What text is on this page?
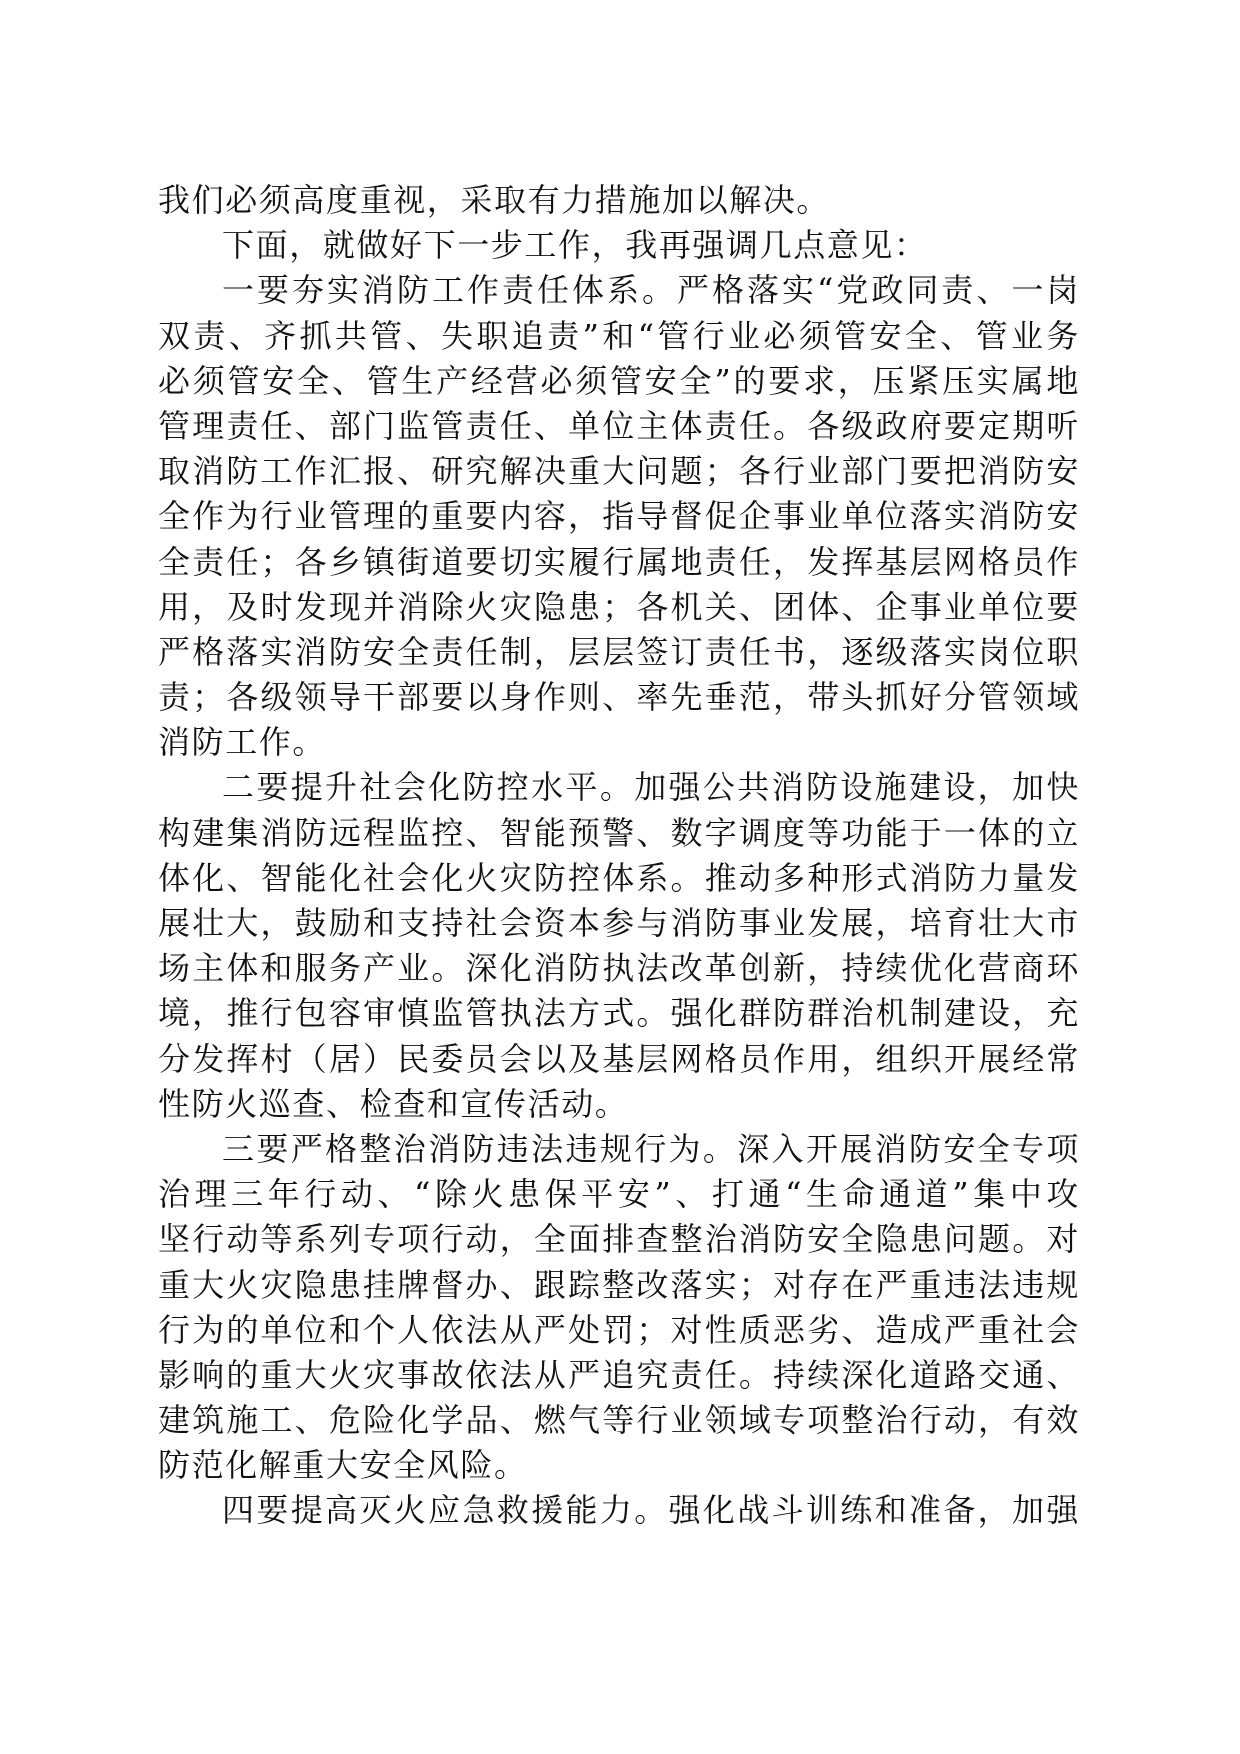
我们必须高度重视，采取有力措施加以解决。
下面，就做好下一步工作，我再强调几点意见：
一要夯实消防工作责任体系。严格落实“党政同责、一岗
双责、齐抓共管、失职追责”和“管行业必须管安全、管业务
必须管安全、管生产经营必须管安全”的要求，压紧压实属地
管理责任、部门监管责任、单位主体责任。各级政府要定期听
取消防工作汇报、研究解决重大问题；各行业部门要把消防安
全作为行业管理的重要内容，指导督促企事业单位落实消防安
全责任；各乡镇街道要切实履行属地责任，发挥基层网格员作
用，及时发现并消除火灾隐患；各机关、团体、企事业单位要
严格落实消防安全责任制，层层签订责任书，逐级落实岗位职
责；各级领导干部要以身作则、率先垂范，带头抓好分管领域
消防工作。
二要提升社会化防控水平。加强公共消防设施建设，加快
构建集消防远程监控、智能预警、数字调度等功能于一体的立
体化、智能化社会化火灾防控体系。推动多种形式消防力量发
展壮大，鼓励和支持社会资本参与消防事业发展，培育壮大市
场主体和服务产业。深化消防执法改革创新，持续优化营商环
境，推行包容审慎监管执法方式。强化群防群治机制建设，充
分发挥村（居）民委员会以及基层网格员作用，组织开展经常
性防火巡查、检查和宣传活动。
三要严格整治消防违法违规行为。深入开展消防安全专项
治理三年行动、“除火患保平安”、打通“生命通道”集中攻
坚行动等系列专项行动，全面排查整治消防安全隐患问题。对
重大火灾隐患挂牌督办、跟踪整改落实；对存在严重违法违规
行为的单位和个人依法从严处罚；对性质恶劣、造成严重社会
影响的重大火灾事故依法从严追究责任。持续深化道路交通、
建筑施工、危险化学品、燃气等行业领域专项整治行动，有效
防范化解重大安全风险。
四要提高灭火应急救援能力。强化战斗训练和准备，加强
